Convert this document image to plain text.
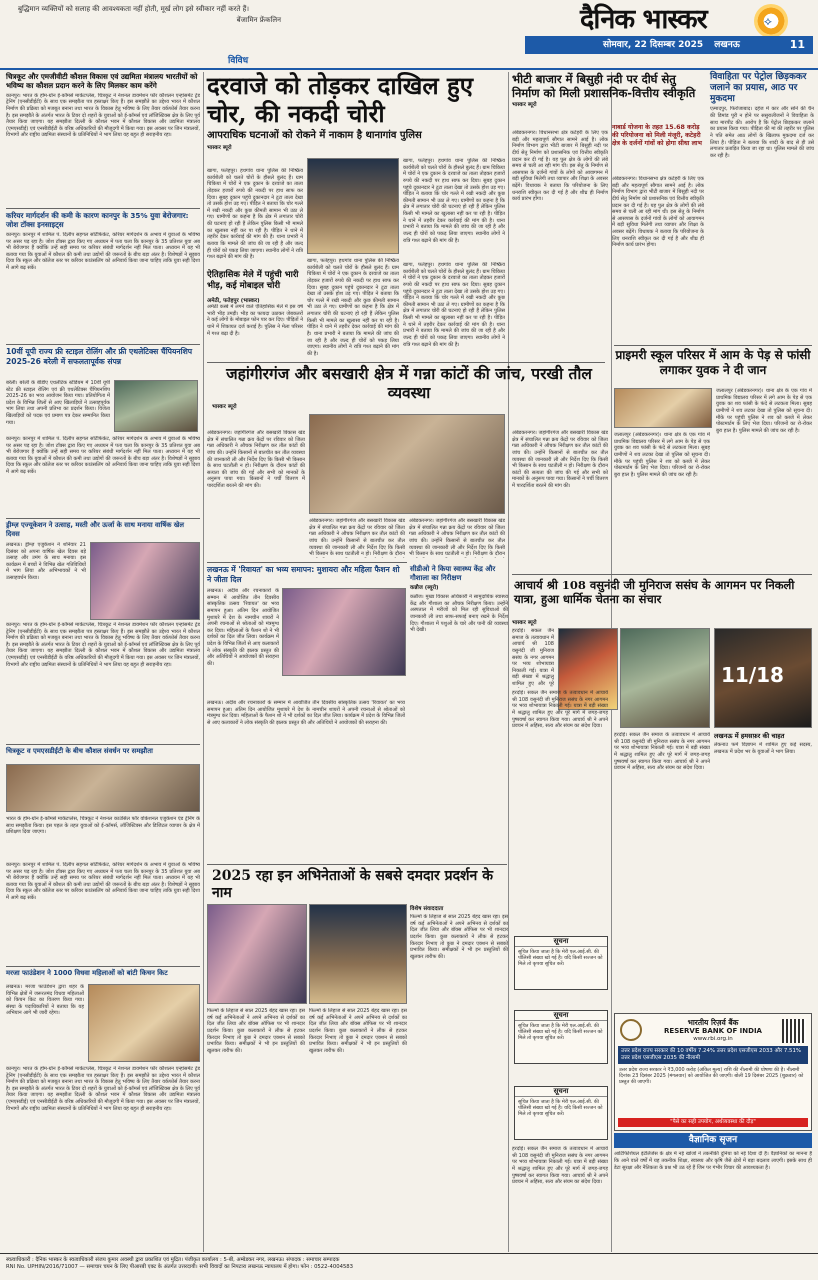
बुद्धिमान व्यक्तियों को सलाह की आवश्यकता नहीं होती, मूर्ख लोग इसे स्वीकार नहीं करते हैं।
बेंजामिन फ्रेंकलिन	दैनिक भास्कर	⟡
सोमवार, 22 दिसम्बर 2025 लखनऊ	11
विविध
चित्रकूट और एमजीवीटी कौशल विकास एवं उद्यमिता मंत्रालय भारतीयों को भविष्य का कौशल प्रदान करने के लिए मिलकर काम करेंगे
कानपुर। भारत के होम-ग्रोन ई-कॉमर्स मार्केटप्लेस, चित्रकूट ने नेशनल डायमेंशन फॉर कौशलन एन्हांसमेंट ट्रेड ट्रेनिंग (एनसीडीईटी) के साथ एक समझौता पत्र हस्ताक्षर किए हैं। इस समझौते का उद्देश्य भारत में कौशल निर्माण की प्रक्रिया को मजबूत बनाना तथा भारत के विकास हेतु भविष्य के लिए तैयार वर्कफोर्स तैयार करना है। इस समझौते के अंतर्गत भारत के टियर दो शहरों के युवाओं को ई-कॉमर्स एवं लॉजिस्टिक्स क्षेत्र के लिए पूर्व तैयार किया जाएगा। यह समझौता दिल्ली के कौशल भवन में कौशल विकास और उद्यमिता मंत्रालय (एमएसडीई) एवं एनसीडीईटी के वरिष्ठ अधिकारियों की मौजूदगी में किया गया। इस अवसर पर जिन मंत्रालयों, विभागों और राष्ट्रीय उद्यमिता संस्थानों के प्रतिनिधियों ने भाग लिया वह बहुत ही सराहनीय रहा।
करियर मार्गदर्शन की कमी के कारण कानपुर के 35% युवा बेरोजगार: जोश टॉक्स इनसाइट्स
कानपुर। कानपुर में शामिल पं. दिलीप सहगल सर्टिफिकेट, करियर मार्गदर्शन के अभाव में युवाओं के भविष्य पर असर पड़ रहा है। जोश टॉक्स द्वारा किए गए अध्ययन में पता चला कि कानपुर के 35 प्रतिशत युवा अब भी बेरोजगार हैं क्योंकि उन्हें सही समय पर करियर संबंधी मार्गदर्शन नहीं मिल पाता। अध्ययन में यह भी बताया गया कि युवाओं में कौशल की कमी तथा उद्योगों की जरूरतों के बीच बड़ा अंतर है। विशेषज्ञों ने सुझाव दिया कि स्कूल और कॉलेज स्तर पर करियर काउंसलिंग को अनिवार्य किया जाना चाहिए ताकि युवा सही दिशा में आगे बढ़ सकें।
10वीं यूपी राज्य फ्री स्टाइल रोलिंग और फ्री एथलेटिक्स चैंपियनशिप 2025-26 बरेली में सफलतापूर्वक संपन्न
बरेली। बरेली के बीडीए एथलेटिक स्टेडियम में 10वीं यूपी स्टेट फ्री स्टाइल रोलिंग एवं फ्री एथलेटिक्स चैंपियनशिप 2025-26 का भव्य आयोजन किया गया। प्रतियोगिता में प्रदेश के विभिन्न जिलों से आए खिलाड़ियों ने उत्साहपूर्वक भाग लिया तथा अपनी प्रतिभा का प्रदर्शन किया। विजेता खिलाड़ियों को पदक एवं प्रमाण पत्र देकर सम्मानित किया गया।
कानपुर। कानपुर में शामिल पं. दिलीप सहगल सर्टिफिकेट, करियर मार्गदर्शन के अभाव में युवाओं के भविष्य पर असर पड़ रहा है। जोश टॉक्स द्वारा किए गए अध्ययन में पता चला कि कानपुर के 35 प्रतिशत युवा अब भी बेरोजगार हैं क्योंकि उन्हें सही समय पर करियर संबंधी मार्गदर्शन नहीं मिल पाता। अध्ययन में यह भी बताया गया कि युवाओं में कौशल की कमी तथा उद्योगों की जरूरतों के बीच बड़ा अंतर है। विशेषज्ञों ने सुझाव दिया कि स्कूल और कॉलेज स्तर पर करियर काउंसलिंग को अनिवार्य किया जाना चाहिए ताकि युवा सही दिशा में आगे बढ़ सकें।
ड्रीम्ज़ एज्यूकेशन ने उत्साह, मस्ती और ऊर्जा के साथ मनाया वार्षिक खेल दिवस
लखनऊ। ड्रीम्ज़ एजुकेशन ने शनिवार 21 दिसंबर को अपना वार्षिक खेल दिवस बड़े उत्साह और उमंग के साथ मनाया। इस कार्यक्रम में बच्चों ने विभिन्न खेल गतिविधियों में भाग लिया और अभिभावकों ने भी उत्साहवर्धन किया।
कानपुर। भारत के होम-ग्रोन ई-कॉमर्स मार्केटप्लेस, चित्रकूट ने नेशनल डायमेंशन फॉर कौशलन एन्हांसमेंट ट्रेड ट्रेनिंग (एनसीडीईटी) के साथ एक समझौता पत्र हस्ताक्षर किए हैं। इस समझौते का उद्देश्य भारत में कौशल निर्माण की प्रक्रिया को मजबूत बनाना तथा भारत के विकास हेतु भविष्य के लिए तैयार वर्कफोर्स तैयार करना है। इस समझौते के अंतर्गत भारत के टियर दो शहरों के युवाओं को ई-कॉमर्स एवं लॉजिस्टिक्स क्षेत्र के लिए पूर्व तैयार किया जाएगा। यह समझौता दिल्ली के कौशल भवन में कौशल विकास और उद्यमिता मंत्रालय (एमएसडीई) एवं एनसीडीईटी के वरिष्ठ अधिकारियों की मौजूदगी में किया गया। इस अवसर पर जिन मंत्रालयों, विभागों और राष्ट्रीय उद्यमिता संस्थानों के प्रतिनिधियों ने भाग लिया वह बहुत ही सराहनीय रहा।
चित्रकूट व एमएसडीईटी के बीच कौशल संवर्धन पर समझौता
भारत के होम-ग्रोन ई-कॉमर्स मार्केटप्लेस, चित्रकूट ने नेशनल काउंसिल फॉर वोकेशनल एजुकेशन एंड ट्रेनिंग के साथ समझौता किया। इस पहल के तहत युवाओं को ई-कॉमर्स, लॉजिस्टिक्स और डिजिटल व्यापार के क्षेत्र में प्रशिक्षण दिया जाएगा।
कानपुर। कानपुर में शामिल पं. दिलीप सहगल सर्टिफिकेट, करियर मार्गदर्शन के अभाव में युवाओं के भविष्य पर असर पड़ रहा है। जोश टॉक्स द्वारा किए गए अध्ययन में पता चला कि कानपुर के 35 प्रतिशत युवा अब भी बेरोजगार हैं क्योंकि उन्हें सही समय पर करियर संबंधी मार्गदर्शन नहीं मिल पाता। अध्ययन में यह भी बताया गया कि युवाओं में कौशल की कमी तथा उद्योगों की जरूरतों के बीच बड़ा अंतर है। विशेषज्ञों ने सुझाव दिया कि स्कूल और कॉलेज स्तर पर करियर काउंसलिंग को अनिवार्य किया जाना चाहिए ताकि युवा सही दिशा में आगे बढ़ सकें।
मरजा फाउंडेशन ने 1000 विधवा महिलाओं को बांटी किचन किट
लखनऊ। मरजा फाउंडेशन द्वारा शहर के विभिन्न क्षेत्रों में जरूरतमंद विधवा महिलाओं को किचन किट का वितरण किया गया। संस्था के पदाधिकारियों ने बताया कि यह अभियान आगे भी जारी रहेगा।
कानपुर। भारत के होम-ग्रोन ई-कॉमर्स मार्केटप्लेस, चित्रकूट ने नेशनल डायमेंशन फॉर कौशलन एन्हांसमेंट ट्रेड ट्रेनिंग (एनसीडीईटी) के साथ एक समझौता पत्र हस्ताक्षर किए हैं। इस समझौते का उद्देश्य भारत में कौशल निर्माण की प्रक्रिया को मजबूत बनाना तथा भारत के विकास हेतु भविष्य के लिए तैयार वर्कफोर्स तैयार करना है। इस समझौते के अंतर्गत भारत के टियर दो शहरों के युवाओं को ई-कॉमर्स एवं लॉजिस्टिक्स क्षेत्र के लिए पूर्व तैयार किया जाएगा। यह समझौता दिल्ली के कौशल भवन में कौशल विकास और उद्यमिता मंत्रालय (एमएसडीई) एवं एनसीडीईटी के वरिष्ठ अधिकारियों की मौजूदगी में किया गया। इस अवसर पर जिन मंत्रालयों, विभागों और राष्ट्रीय उद्यमिता संस्थानों के प्रतिनिधियों ने भाग लिया वह बहुत ही सराहनीय रहा।
दरवाजे को तोड़कर दाखिल हुए चोर, की नकदी चोरी
आपराधिक घटनाओं को रोकने में नाकाम है थानागांव पुलिस
भास्कर ब्यूरो
खागा, फतेहपुर। हथगांव थाना पुलिस की निष्क्रिय कार्यशैली को चलते चोरों के हौसले बुलंद हैं। ग्राम चिकिया में चोरों ने एक दुकान के दरवाजे का ताला तोड़कर हजारों रुपये की नकदी पर हाथ साफ कर दिया। सुबह दुकान पहुंचे दुकानदार ने टूटा ताला देखा तो उसके होश उड़ गए। पीड़ित ने बताया कि चोर गल्ले में रखी नकदी और कुछ कीमती सामान भी उठा ले गए। ग्रामीणों का कहना है कि क्षेत्र में लगातार चोरी की घटनाएं हो रही हैं लेकिन पुलिस किसी भी मामले का खुलासा नहीं कर पा रही है। पीड़ित ने थाने में तहरीर देकर कार्रवाई की मांग की है। थाना प्रभारी ने बताया कि मामले की जांच की जा रही है और जल्द ही चोरों को पकड़ लिया जाएगा। स्थानीय लोगों ने रात्रि गश्त बढ़ाने की मांग की है।
खागा, फतेहपुर। हथगांव थाना पुलिस की निष्क्रिय कार्यशैली को चलते चोरों के हौसले बुलंद हैं। ग्राम चिकिया में चोरों ने एक दुकान के दरवाजे का ताला तोड़कर हजारों रुपये की नकदी पर हाथ साफ कर दिया। सुबह दुकान पहुंचे दुकानदार ने टूटा ताला देखा तो उसके होश उड़ गए। पीड़ित ने बताया कि चोर गल्ले में रखी नकदी और कुछ कीमती सामान भी उठा ले गए। ग्रामीणों का कहना है कि क्षेत्र में लगातार चोरी की घटनाएं हो रही हैं लेकिन पुलिस किसी भी मामले का खुलासा नहीं कर पा रही है। पीड़ित ने थाने में तहरीर देकर कार्रवाई की मांग की है। थाना प्रभारी ने बताया कि मामले की जांच की जा रही है और जल्द ही चोरों को पकड़ लिया जाएगा। स्थानीय लोगों ने रात्रि गश्त बढ़ाने की मांग की है।
खागा, फतेहपुर। हथगांव थाना पुलिस की निष्क्रिय कार्यशैली को चलते चोरों के हौसले बुलंद हैं। ग्राम चिकिया में चोरों ने एक दुकान के दरवाजे का ताला तोड़कर हजारों रुपये की नकदी पर हाथ साफ कर दिया। सुबह दुकान पहुंचे दुकानदार ने टूटा ताला देखा तो उसके होश उड़ गए। पीड़ित ने बताया कि चोर गल्ले में रखी नकदी और कुछ कीमती सामान भी उठा ले गए। ग्रामीणों का कहना है कि क्षेत्र में लगातार चोरी की घटनाएं हो रही हैं लेकिन पुलिस किसी भी मामले का खुलासा नहीं कर पा रही है। पीड़ित ने थाने में तहरीर देकर कार्रवाई की मांग की है। थाना प्रभारी ने बताया कि मामले की जांच की जा रही है और जल्द ही चोरों को पकड़ लिया जाएगा। स्थानीय लोगों ने रात्रि गश्त बढ़ाने की मांग की है।
खागा, फतेहपुर। हथगांव थाना पुलिस की निष्क्रिय कार्यशैली को चलते चोरों के हौसले बुलंद हैं। ग्राम चिकिया में चोरों ने एक दुकान के दरवाजे का ताला तोड़कर हजारों रुपये की नकदी पर हाथ साफ कर दिया। सुबह दुकान पहुंचे दुकानदार ने टूटा ताला देखा तो उसके होश उड़ गए। पीड़ित ने बताया कि चोर गल्ले में रखी नकदी और कुछ कीमती सामान भी उठा ले गए। ग्रामीणों का कहना है कि क्षेत्र में लगातार चोरी की घटनाएं हो रही हैं लेकिन पुलिस किसी भी मामले का खुलासा नहीं कर पा रही है। पीड़ित ने थाने में तहरीर देकर कार्रवाई की मांग की है। थाना प्रभारी ने बताया कि मामले की जांच की जा रही है और जल्द ही चोरों को पकड़ लिया जाएगा। स्थानीय लोगों ने रात्रि गश्त बढ़ाने की मांग की है।
ऐतिहासिक मेले में पहुंची भारी भीड़, कई मोबाइल चोरी
अमेठी, फतेहपुर (भास्कर)
अमेठी कस्बे में लगने वाले ऐतिहासिक मेले में इस वर्ष भारी भीड़ उमड़ी। भीड़ का फायदा उठाकर जेबकतरों ने कई लोगों के मोबाइल फोन पार कर दिए। पीड़ितों ने थाने में शिकायत दर्ज कराई है। पुलिस ने मेला परिसर में गश्त बढ़ा दी है।
अंबेडकरनगर। विधानसभा क्षेत्र कटेहरी के लिए एक बड़ी और महत्वपूर्ण सौगात सामने आई है। लोक निर्माण विभाग द्वारा भीटी बाजार में बिसुही नदी पर दीर्घ सेतु निर्माण को प्रशासनिक एवं वित्तीय स्वीकृति प्रदान कर दी गई है। यह पुल क्षेत्र के लोगों की लंबे समय से चली आ रही मांग थी। इस सेतु के निर्माण से आसपास के दर्जनों गांवों के लोगों को आवागमन में बड़ी सुविधा मिलेगी तथा व्यापार और शिक्षा के अवसर बढ़ेंगे। विधायक ने बताया कि परियोजना के लिए धनराशि स्वीकृत कर दी गई है और शीघ्र ही निर्माण कार्य प्रारंभ होगा।
भीटी बाजार में बिसुही नदी पर दीर्घ सेतु निर्माण को मिली प्रशासनिक-वित्तीय स्वीकृति
भास्कर ब्यूरो
नाबार्ड योजना के तहत 15.68 करोड़ की परियोजना को मिली मंजूरी, कटेहरी क्षेत्र के दर्जनों गांवों को होगा सीधा लाभ
अंबेडकरनगर। विधानसभा क्षेत्र कटेहरी के लिए एक बड़ी और महत्वपूर्ण सौगात सामने आई है। लोक निर्माण विभाग द्वारा भीटी बाजार में बिसुही नदी पर दीर्घ सेतु निर्माण को प्रशासनिक एवं वित्तीय स्वीकृति प्रदान कर दी गई है। यह पुल क्षेत्र के लोगों की लंबे समय से चली आ रही मांग थी। इस सेतु के निर्माण से आसपास के दर्जनों गांवों के लोगों को आवागमन में बड़ी सुविधा मिलेगी तथा व्यापार और शिक्षा के अवसर बढ़ेंगे। विधायक ने बताया कि परियोजना के लिए धनराशि स्वीकृत कर दी गई है और शीघ्र ही निर्माण कार्य प्रारंभ होगा।
विवाहिता पर पेट्रोल छिड़ककर जलाने का प्रयास, आठ पर मुकदमा
एत्मादपुर, फिरोजाबाद। दहेज में कार और सोने की चैन की डिमांड पूरी न होने पर ससुरालीजनों ने विवाहिता के साथ मारपीट की। आरोप है कि पेट्रोल छिड़ककर जलाने का प्रयास किया गया। पीड़िता की मां की तहरीर पर पुलिस ने पति समेत आठ लोगों के खिलाफ मुकदमा दर्ज कर लिया है। पीड़िता ने बताया कि शादी के बाद से ही उसे लगातार प्रताड़ित किया जा रहा था। पुलिस मामले की जांच कर रही है।
जहांगीरगंज और बसखारी क्षेत्र में गन्ना कांटों की जांच, परखी तौल व्यवस्था
भास्कर ब्यूरो
अंबेडकरनगर। जहांगीरगंज और बसखारी विकास खंड क्षेत्र में संचालित गन्ना क्रय केंद्रों पर रविवार को जिला गन्ना अधिकारी ने औचक निरीक्षण कर तौल कांटों की जांच की। उन्होंने किसानों से बातचीत कर तौल व्यवस्था की जानकारी ली और निर्देश दिए कि किसी भी किसान के साथ घटतौली न हो। निरीक्षण के दौरान कांटों की सत्यता की जांच की गई और सभी को मानकों के अनुरूप पाया गया। किसानों ने पर्ची वितरण में पारदर्शिता बरतने की मांग की।
अंबेडकरनगर। जहांगीरगंज और बसखारी विकास खंड क्षेत्र में संचालित गन्ना क्रय केंद्रों पर रविवार को जिला गन्ना अधिकारी ने औचक निरीक्षण कर तौल कांटों की जांच की। उन्होंने किसानों से बातचीत कर तौल व्यवस्था की जानकारी ली और निर्देश दिए कि किसी भी किसान के साथ घटतौली न हो। निरीक्षण के दौरान
अंबेडकरनगर। जहांगीरगंज और बसखारी विकास खंड क्षेत्र में संचालित गन्ना क्रय केंद्रों पर रविवार को जिला गन्ना अधिकारी ने औचक निरीक्षण कर तौल कांटों की जांच की। उन्होंने किसानों से बातचीत कर तौल व्यवस्था की जानकारी ली और निर्देश दिए कि किसी भी किसान के साथ घटतौली न हो। निरीक्षण के दौरान
अंबेडकरनगर। जहांगीरगंज और बसखारी विकास खंड क्षेत्र में संचालित गन्ना क्रय केंद्रों पर रविवार को जिला गन्ना अधिकारी ने औचक निरीक्षण कर तौल कांटों की जांच की। उन्होंने किसानों से बातचीत कर तौल व्यवस्था की जानकारी ली और निर्देश दिए कि किसी भी किसान के साथ घटतौली न हो। निरीक्षण के दौरान कांटों की सत्यता की जांच की गई और सभी को मानकों के अनुरूप पाया गया। किसानों ने पर्ची वितरण में पारदर्शिता बरतने की मांग की।
प्राइमरी स्कूल परिसर में आम के पेड़ से फांसी लगाकर युवक ने दी जान
जलालपुर (अंबेडकरनगर)। थाना क्षेत्र के एक गांव में प्राथमिक विद्यालय परिसर में लगे आम के पेड़ से एक युवक का शव फांसी के फंदे से लटकता मिला। सुबह ग्रामीणों ने शव लटका देखा तो पुलिस को सूचना दी। मौके पर पहुंची पुलिस ने शव को कब्जे में लेकर पोस्टमार्टम के लिए भेज दिया। परिजनों का रो-रोकर बुरा हाल है। पुलिस मामले की जांच कर रही है।
जलालपुर (अंबेडकरनगर)। थाना क्षेत्र के एक गांव में प्राथमिक विद्यालय परिसर में लगे आम के पेड़ से एक युवक का शव फांसी के फंदे से लटकता मिला। सुबह ग्रामीणों ने शव लटका देखा तो पुलिस को सूचना दी। मौके पर पहुंची पुलिस ने शव को कब्जे में लेकर पोस्टमार्टम के लिए भेज दिया। परिजनों का रो-रोकर बुरा हाल है। पुलिस मामले की जांच कर रही है।
लखनऊ में 'रिवायत' का भव्य समापन: मुशायरा और महिला फैशन शो ने जीता दिल
लखनऊ। अदीब और रचनाकारों के सम्मान में आयोजित तीन दिवसीय सांस्कृतिक उत्सव 'रिवायत' का भव्य समापन हुआ। अंतिम दिन आयोजित मुशायरे में देश के नामचीन शायरों ने अपनी रचनाओं से श्रोताओं को मंत्रमुग्ध कर दिया। महिलाओं के फैशन शो ने भी दर्शकों का दिल जीत लिया। कार्यक्रम में प्रदेश के विभिन्न जिलों से आए कलाकारों ने लोक संस्कृति की झलक प्रस्तुत की और अतिथियों ने आयोजकों की सराहना की।
लखनऊ। अदीब और रचनाकारों के सम्मान में आयोजित तीन दिवसीय सांस्कृतिक उत्सव 'रिवायत' का भव्य समापन हुआ। अंतिम दिन आयोजित मुशायरे में देश के नामचीन शायरों ने अपनी रचनाओं से श्रोताओं को मंत्रमुग्ध कर दिया। महिलाओं के फैशन शो ने भी दर्शकों का दिल जीत लिया। कार्यक्रम में प्रदेश के विभिन्न जिलों से आए कलाकारों ने लोक संस्कृति की झलक प्रस्तुत की और अतिथियों ने आयोजकों की सराहना की।
सीडीओ ने किया स्वास्थ्य केंद्र और गौशाला का निरीक्षण
कन्नौज (ब्यूरो)
कन्नौज। मुख्य विकास अधिकारी ने सामुदायिक स्वास्थ्य केंद्र और गौशाला का औचक निरीक्षण किया। उन्होंने अस्पताल में मरीजों को मिल रही सुविधाओं की जानकारी ली तथा साफ-सफाई बनाए रखने के निर्देश दिए। गौशाला में पशुओं के चारे और पानी की व्यवस्था भी देखी।
आचार्य श्री 108 वसुनंदी जी मुनिराज ससंघ के आगमन पर निकली यात्रा, हुआ धार्मिक चेतना का संचार
भास्कर ब्यूरो
हरदोई। सकल जैन समाज के तत्वावधान में आचार्य श्री 108 वसुनंदी जी मुनिराज ससंघ के नगर आगमन पर भव्य शोभायात्रा निकाली गई। यात्रा में बड़ी संख्या में श्रद्धालु शामिल हुए और पूरे
हरदोई। सकल जैन समाज के तत्वावधान में आचार्य श्री 108 वसुनंदी जी मुनिराज ससंघ के नगर आगमन पर भव्य शोभायात्रा निकाली गई। यात्रा में बड़ी संख्या में श्रद्धालु शामिल हुए और पूरे मार्ग में जगह-जगह पुष्पवर्षा कर स्वागत किया गया। आचार्य श्री ने अपने प्रवचन में अहिंसा, सत्य और संयम का संदेश दिया।
हरदोई। सकल जैन समाज के तत्वावधान में आचार्य श्री 108 वसुनंदी जी मुनिराज ससंघ के नगर आगमन पर भव्य शोभायात्रा निकाली गई। यात्रा में बड़ी संख्या में श्रद्धालु शामिल हुए और पूरे मार्ग में जगह-जगह पुष्पवर्षा कर स्वागत किया गया। आचार्य श्री ने अपने प्रवचन में अहिंसा, सत्य और संयम का संदेश दिया।
11/18
लखनऊ में हमसफ़र की चाहत
लेकनाउ फर्म विज्ञापन में शामिल हुए कई सदस्य, लखनऊ में प्रदेश भर के युवाओं ने भाग लिया।
2025 रहा इन अभिनेताओं के सबसे दमदार प्रदर्शन के नाम
विशेष संवाददाता
फिल्मों के लिहाज से साल 2025 बेहद खास रहा। इस वर्ष कई अभिनेताओं ने अपने अभिनय से दर्शकों का दिल जीत लिया और बॉक्स ऑफिस पर भी शानदार प्रदर्शन किया। कुछ कलाकारों ने लीक से हटकर किरदार निभाए तो कुछ ने दमदार एक्शन से सबको प्रभावित किया। समीक्षकों ने भी इन प्रस्तुतियों की खुलकर तारीफ की।
फिल्मों के लिहाज से साल 2025 बेहद खास रहा। इस वर्ष कई अभिनेताओं ने अपने अभिनय से दर्शकों का दिल जीत लिया और बॉक्स ऑफिस पर भी शानदार प्रदर्शन किया। कुछ कलाकारों ने लीक से हटकर किरदार निभाए तो कुछ ने दमदार एक्शन से सबको प्रभावित किया। समीक्षकों ने भी इन प्रस्तुतियों की खुलकर तारीफ की।
फिल्मों के लिहाज से साल 2025 बेहद खास रहा। इस वर्ष कई अभिनेताओं ने अपने अभिनय से दर्शकों का दिल जीत लिया और बॉक्स ऑफिस पर भी शानदार प्रदर्शन किया। कुछ कलाकारों ने लीक से हटकर किरदार निभाए तो कुछ ने दमदार एक्शन से सबको प्रभावित किया। समीक्षकों ने भी इन प्रस्तुतियों की खुलकर तारीफ की।
सूचना
सूचित किया जाता है कि मेरी एल.आई.सी. की पॉलिसी संख्या खो गई है। यदि किसी सज्जन को मिले तो कृपया सूचित करें।
सूचना
सूचित किया जाता है कि मेरी एल.आई.सी. की पॉलिसी संख्या खो गई है। यदि किसी सज्जन को मिले तो कृपया सूचित करें।
सूचना
सूचित किया जाता है कि मेरी एल.आई.सी. की पॉलिसी संख्या खो गई है। यदि किसी सज्जन को मिले तो कृपया सूचित करें।
हरदोई। सकल जैन समाज के तत्वावधान में आचार्य श्री 108 वसुनंदी जी मुनिराज ससंघ के नगर आगमन पर भव्य शोभायात्रा निकाली गई। यात्रा में बड़ी संख्या में श्रद्धालु शामिल हुए और पूरे मार्ग में जगह-जगह पुष्पवर्षा कर स्वागत किया गया। आचार्य श्री ने अपने प्रवचन में अहिंसा, सत्य और संयम का संदेश दिया।
भारतीय रिज़र्व बैंक
RESERVE BANK OF INDIA
www.rbi.org.in
उत्तर प्रदेश राज्य सरकार की 10 वर्षीय 7.24% उत्तर प्रदेश एसजीएस 2033 और 7.51% उत्तर प्रदेश एसजीएस 2035 की नीलामी
उत्तर प्रदेश राज्य सरकार ने ₹3,000 करोड़ (अंकित मूल्य) राशि की नीलामी की घोषणा की है। नीलामी दिनांक 23 दिसंबर 2025 (मंगलवार) को आयोजित की जाएगी। बोली 19 दिसंबर 2025 (शुक्रवार) को प्रस्तुत की जाएगी।
"पैसे का सही उपयोग, अर्थव्यवस्था की दौड़"
वैज्ञानिक सृजन
आर्टिफिशियल इंटेलिजेंस के क्षेत्र में नई खोजों ने तकनीकी दुनिया को नई दिशा दी है। वैज्ञानिकों का मानना है कि आने वाले वर्षों में यह तकनीक शिक्षा, स्वास्थ्य और कृषि जैसे क्षेत्रों में बड़ा बदलाव लाएगी। इसके साथ ही डेटा सुरक्षा और नैतिकता के प्रश्न भी उठ रहे हैं जिन पर गंभीर विचार की आवश्यकता है।
स्वत्वाधिकारी : दैनिक भास्कर के स्वत्वाधिकारी संजय कुमार अवस्थी द्वारा प्रकाशित एवं मुद्रित। पंजीकृत कार्यालय : 5-बी, अम्बेडकर नगर, लखनऊ। संपादक : समाचार सम्पादक
RNI No. UPHIN/2016/71007 — समाचार चयन के लिए पीआरबी एक्ट के अंतर्गत उत्तरदायी। सभी विवादों का निपटारा लखनऊ न्यायालय में होगा। फोन : 0522-4004583
